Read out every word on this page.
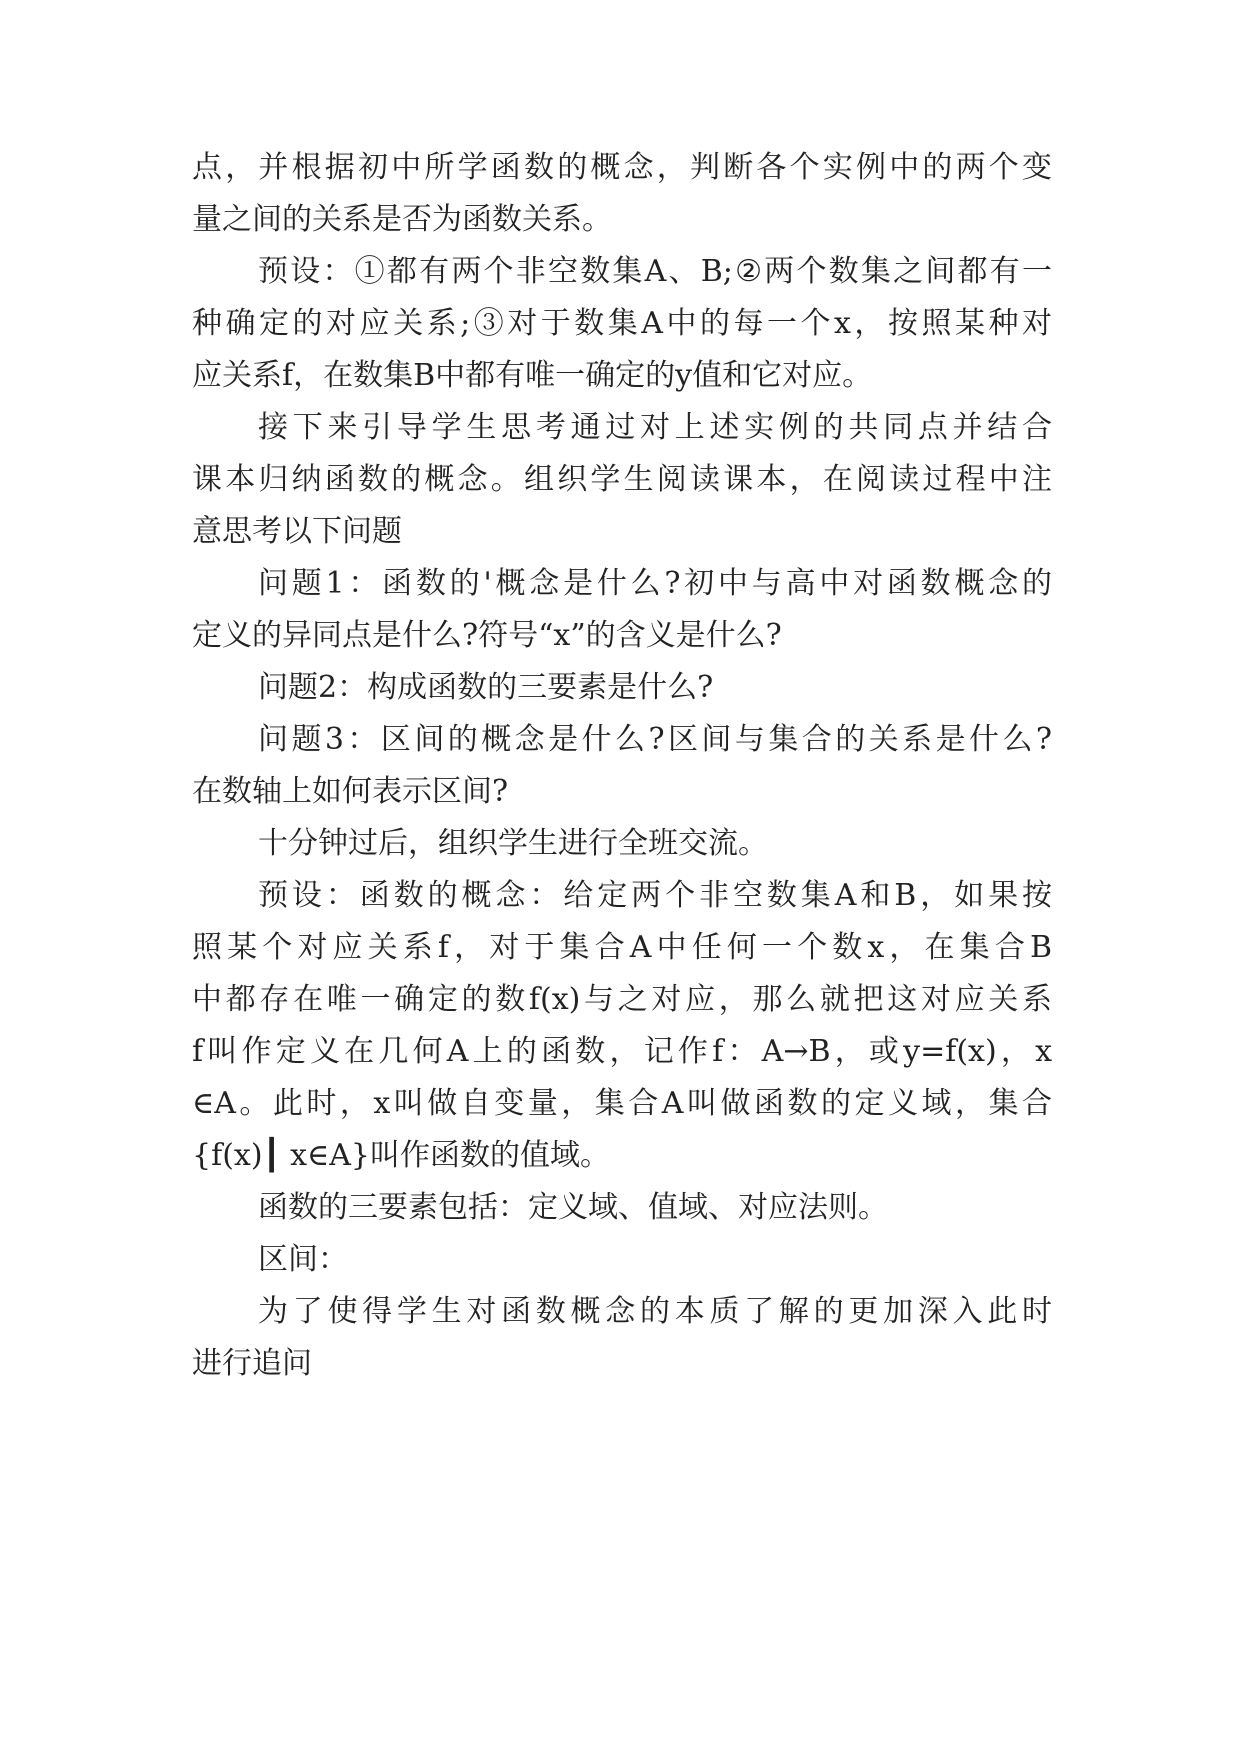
点，并根据初中所学函数的概念，判断各个实例中的两个变
量之间的关系是否为函数关系。
预设：①都有两个非空数集A、B;②两个数集之间都有一
种确定的对应关系;③对于数集A中的每一个x，按照某种对
应关系f，在数集B中都有唯一确定的y值和它对应。
接下来引导学生思考通过对上述实例的共同点并结合
课本归纳函数的概念。组织学生阅读课本，在阅读过程中注
意思考以下问题
问题1：函数的'概念是什么?初中与高中对函数概念的
定义的异同点是什么?符号“x”的含义是什么?
问题2：构成函数的三要素是什么?
问题3：区间的概念是什么?区间与集合的关系是什么?
在数轴上如何表示区间?
十分钟过后，组织学生进行全班交流。
预设：函数的概念：给定两个非空数集A和B，如果按
照某个对应关系f，对于集合A中任何一个数x，在集合B
中都存在唯一确定的数f(x)与之对应，那么就把这对应关系
f叫作定义在几何A上的函数，记作f：A→B，或y=f(x)，x
∈A。此时，x叫做自变量，集合A叫做函数的定义域，集合
{f(x)┃ x∈A}叫作函数的值域。
函数的三要素包括：定义域、值域、对应法则。
区间：
为了使得学生对函数概念的本质了解的更加深入此时
进行追问
